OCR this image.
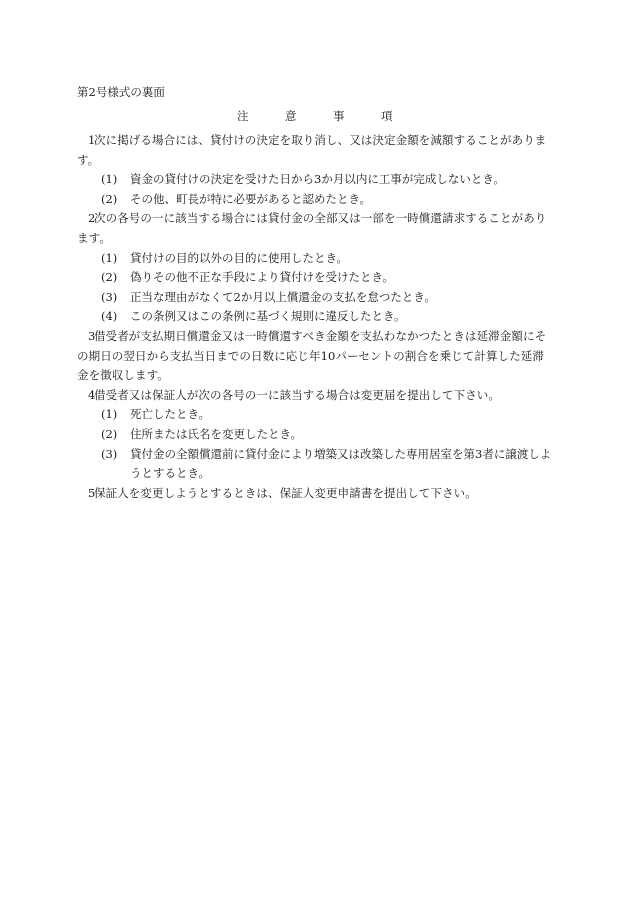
第2号様式の裏面
注	意	事	項
1
次に掲げる場合には、貸付けの決定を取り消し、又は決定金額を減額することがあります。
(1) 資金の貸付けの決定を受けた日から3か月以内に工事が完成しないとき。
(2) その他、町長が特に必要があると認めたとき。
2
次の各号の一に該当する場合には貸付金の全部又は一部を一時償還請求することがあります。
(1) 貸付けの目的以外の目的に使用したとき。
(2) 偽りその他不正な手段により貸付けを受けたとき。
(3) 正当な理由がなくて2か月以上償還金の支払を怠つたとき。
(4) この条例又はこの条例に基づく規則に違反したとき。
3
借受者が支払期日償還金又は一時償還すべき金額を支払わなかつたときは延滞金額にその期日の翌日から支払当日までの日数に応じ年10パーセントの割合を乗じて計算した延滞金を徴収します。
4
借受者又は保証人が次の各号の一に該当する場合は変更届を提出して下さい。
(1) 死亡したとき。
(2) 住所または氏名を変更したとき。
(3) 貸付金の全額償還前に貸付金により増築又は改築した専用居室を第3者に譲渡しようとするとき。
5
保証人を変更しようとするときは、保証人変更申請書を提出して下さい。
